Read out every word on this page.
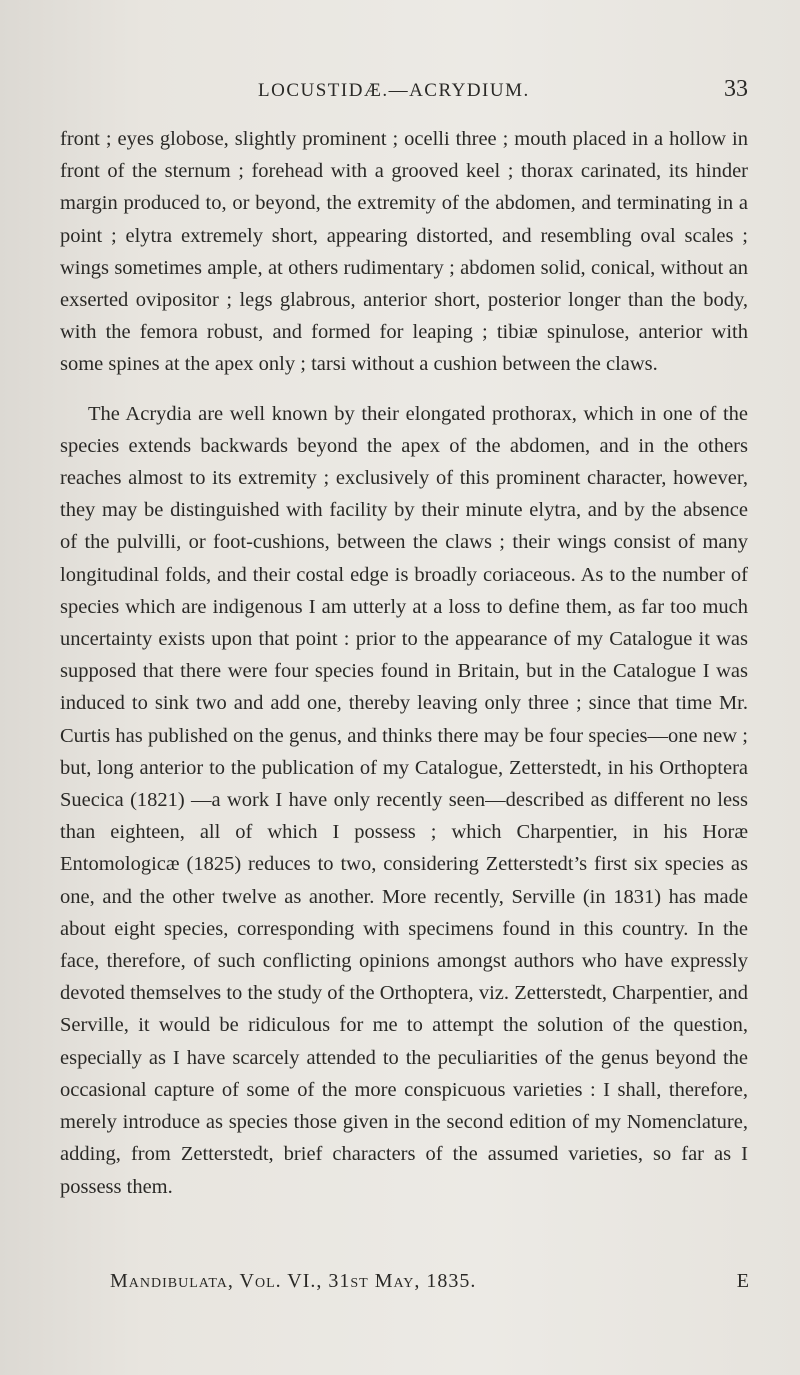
LOCUSTIDÆ.—ACRYDIUM.	33

front ; eyes globose, slightly prominent ; ocelli three ; mouth placed in a hollow in front of the sternum ; forehead with a grooved keel ; thorax carinated, its hinder margin produced to, or beyond, the extremity of the abdomen, and terminating in a point ; elytra extremely short, appearing distorted, and resembling oval scales ; wings sometimes ample, at others rudimentary ; abdomen solid, conical, without an exserted ovipositor ; legs glabrous, anterior short, posterior longer than the body, with the femora robust, and formed for leaping ; tibiæ spinulose, anterior with some spines at the apex only ; tarsi without a cushion between the claws.

The Acrydia are well known by their elongated prothorax, which in one of the species extends backwards beyond the apex of the abdomen, and in the others reaches almost to its extremity ; exclusively of this prominent character, however, they may be distinguished with facility by their minute elytra, and by the absence of the pulvilli, or foot-cushions, between the claws ; their wings consist of many longitudinal folds, and their costal edge is broadly coriaceous. As to the number of species which are indigenous I am utterly at a loss to define them, as far too much uncertainty exists upon that point : prior to the appearance of my Catalogue it was supposed that there were four species found in Britain, but in the Catalogue I was induced to sink two and add one, thereby leaving only three ; since that time Mr. Curtis has published on the genus, and thinks there may be four species—one new ; but, long anterior to the publication of my Catalogue, Zetterstedt, in his Orthoptera Suecica (1821) —a work I have only recently seen—described as different no less than eighteen, all of which I possess ; which Charpentier, in his Horæ Entomologicæ (1825) reduces to two, considering Zetterstedt’s first six species as one, and the other twelve as another. More recently, Serville (in 1831) has made about eight species, corresponding with specimens found in this country. In the face, therefore, of such conflicting opinions amongst authors who have expressly devoted themselves to the study of the Orthoptera, viz. Zetterstedt, Charpentier, and Serville, it would be ridiculous for me to attempt the solution of the question, especially as I have scarcely attended to the peculiarities of the genus beyond the occasional capture of some of the more conspicuous varieties : I shall, therefore, merely introduce as species those given in the second edition of my Nomenclature, adding, from Zetterstedt, brief characters of the assumed varieties, so far as I possess them.

Mandibulata, Vol. VI., 31st May, 1835.	E
